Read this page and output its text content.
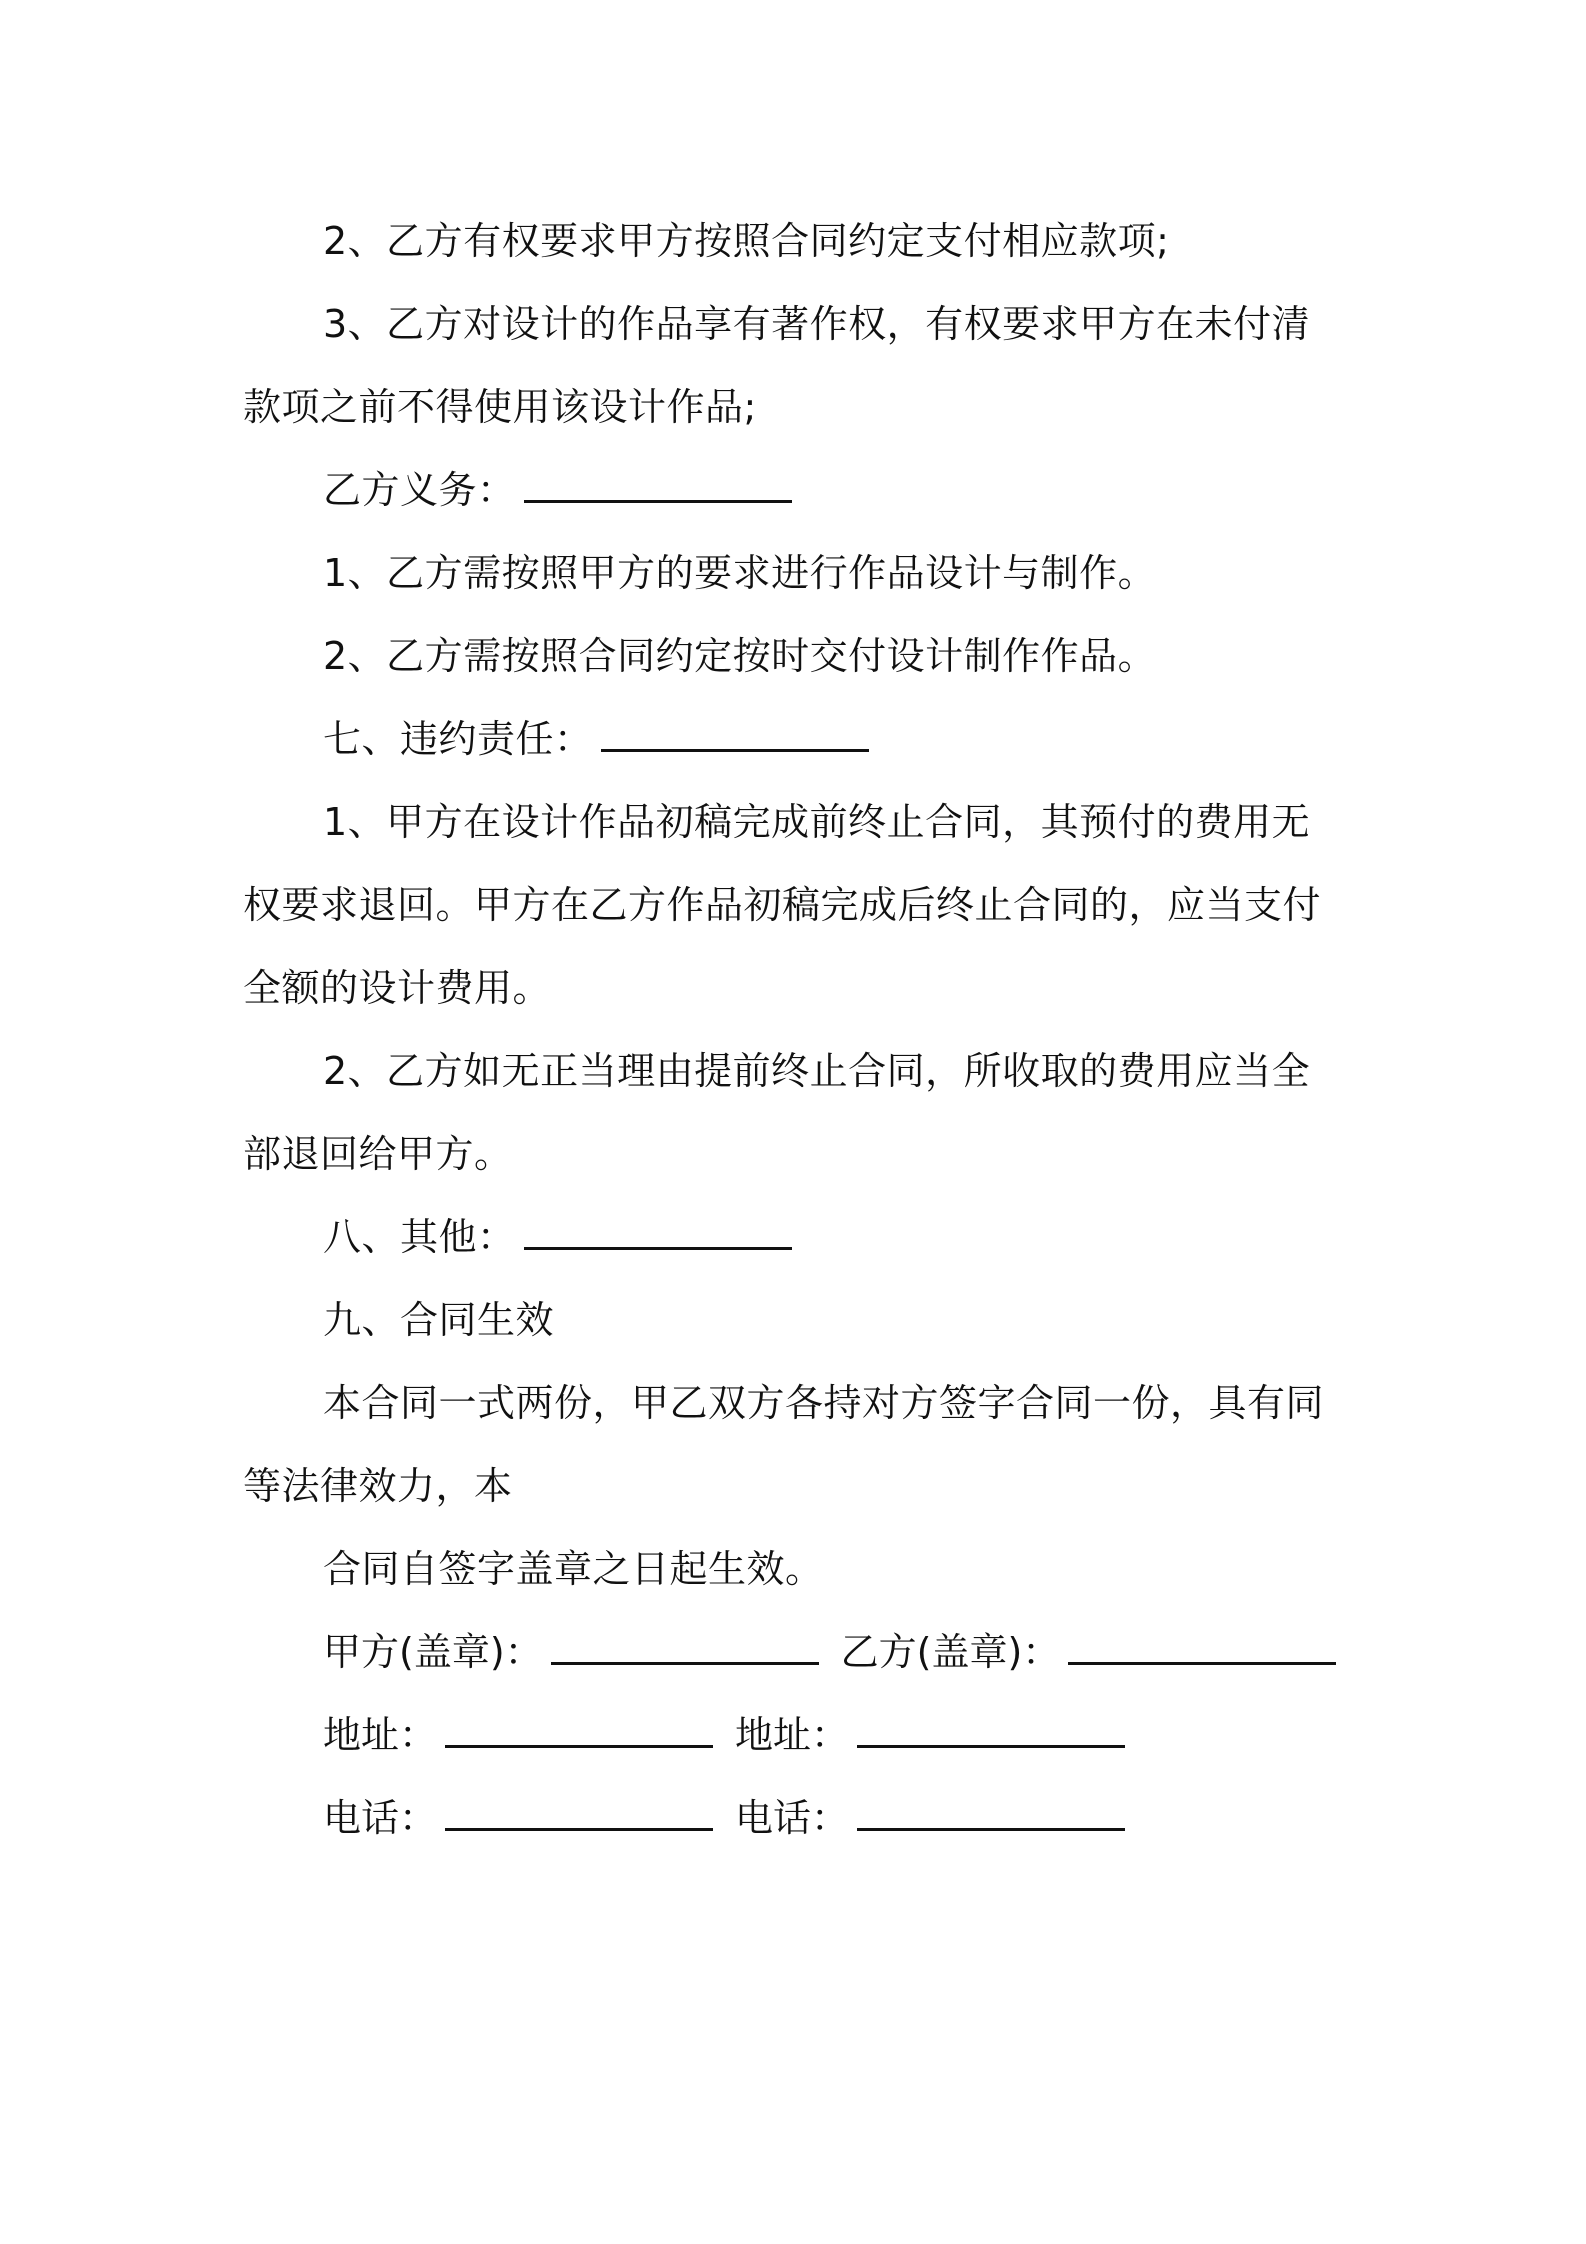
2、乙方有权要求甲方按照合同约定支付相应款项;
3、乙方对设计的作品享有著作权，有权要求甲方在未付清
款项之前不得使用该设计作品;
乙方义务：
1、乙方需按照甲方的要求进行作品设计与制作。
2、乙方需按照合同约定按时交付设计制作作品。
七、违约责任：
1、甲方在设计作品初稿完成前终止合同，其预付的费用无
权要求退回。甲方在乙方作品初稿完成后终止合同的，应当支付
全额的设计费用。
2、乙方如无正当理由提前终止合同，所收取的费用应当全
部退回给甲方。
八、其他：
九、合同生效
本合同一式两份，甲乙双方各持对方签字合同一份，具有同
等法律效力，本
合同自签字盖章之日起生效。
甲方(盖章)：	乙方(盖章)：
地址：	地址：
电话：	电话：
